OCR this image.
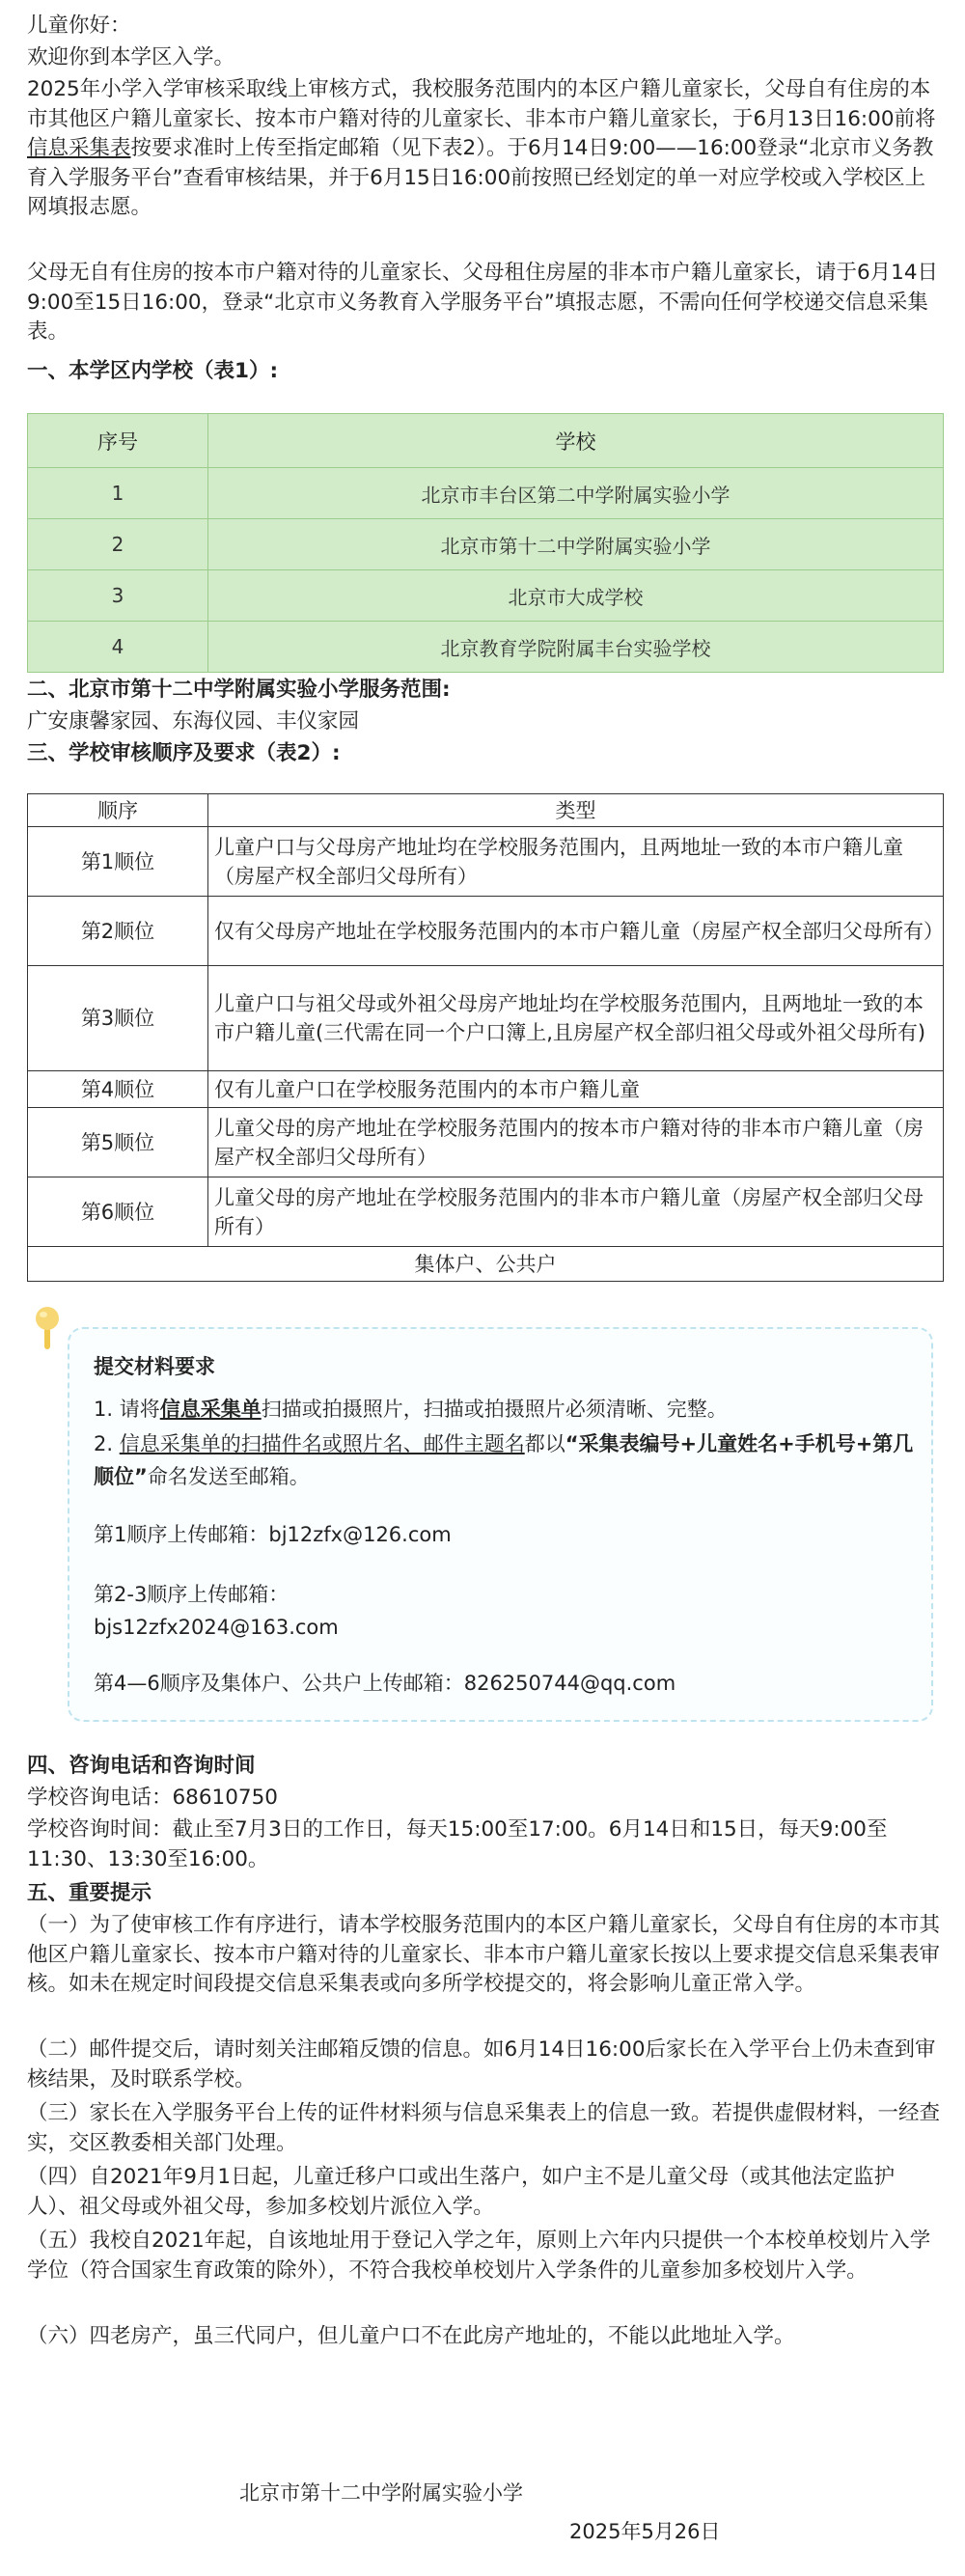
儿童你好：

欢迎你到本学区入学。

2025年小学入学审核采取线上审核方式，我校服务范围内的本区户籍儿童家长，父母自有住房的本市其他区户籍儿童家长、按本市户籍对待的儿童家长、非本市户籍儿童家长，于6月13日16:00前将信息采集表按要求准时上传至指定邮箱（见下表2）。于6月14日9:00——16:00登录“北京市义务教育入学服务平台”查看审核结果，并于6月15日16:00前按照已经划定的单一对应学校或入学校区上网填报志愿。

父母无自有住房的按本市户籍对待的儿童家长、父母租住房屋的非本市户籍儿童家长，请于6月14日9:00至15日16:00，登录“北京市义务教育入学服务平台”填报志愿，不需向任何学校递交信息采集表。

一、本学区内学校（表1）:

序号	学校
1	北京市丰台区第二中学附属实验小学
2	北京市第十二中学附属实验小学
3	北京市大成学校
4	北京教育学院附属丰台实验学校

二、北京市第十二中学附属实验小学服务范围:

广安康馨家园、东海仪园、丰仪家园

三、学校审核顺序及要求（表2）:

顺序	类型
第1顺位	儿童户口与父母房产地址均在学校服务范围内，且两地址一致的本市户籍儿童（房屋产权全部归父母所有）
第2顺位	仅有父母房产地址在学校服务范围内的本市户籍儿童（房屋产权全部归父母所有）
第3顺位	儿童户口与祖父母或外祖父母房产地址均在学校服务范围内，且两地址一致的本市户籍儿童(三代需在同一个户口簿上,且房屋产权全部归祖父母或外祖父母所有)
第4顺位	仅有儿童户口在学校服务范围内的本市户籍儿童
第5顺位	儿童父母的房产地址在学校服务范围内的按本市户籍对待的非本市户籍儿童（房屋产权全部归父母所有）
第6顺位	儿童父母的房产地址在学校服务范围内的非本市户籍儿童（房屋产权全部归父母所有）
集体户、公共户	

提交材料要求

1. 请将信息采集单扫描或拍摄照片，扫描或拍摄照片必须清晰、完整。

2. 信息采集单的扫描件名或照片名、邮件主题名都以“采集表编号+儿童姓名+手机号+第几顺位”命名发送至邮箱。

第1顺序上传邮箱：bj12zfx@126.com

第2-3顺序上传邮箱：

bjs12zfx2024@163.com

第4—6顺序及集体户、公共户上传邮箱：826250744@qq.com

四、咨询电话和咨询时间

学校咨询电话：68610750

学校咨询时间：截止至7月3日的工作日，每天15:00至17:00。6月14日和15日，每天9:00至11:30、13:30至16:00。

五、重要提示

（一）为了使审核工作有序进行，请本学校服务范围内的本区户籍儿童家长，父母自有住房的本市其他区户籍儿童家长、按本市户籍对待的儿童家长、非本市户籍儿童家长按以上要求提交信息采集表审核。如未在规定时间段提交信息采集表或向多所学校提交的，将会影响儿童正常入学。

（二）邮件提交后，请时刻关注邮箱反馈的信息。如6月14日16:00后家长在入学平台上仍未查到审核结果，及时联系学校。

（三）家长在入学服务平台上传的证件材料须与信息采集表上的信息一致。若提供虚假材料，一经查实，交区教委相关部门处理。

（四）自2021年9月1日起，儿童迁移户口或出生落户，如户主不是儿童父母（或其他法定监护人）、祖父母或外祖父母，参加多校划片派位入学。

（五）我校自2021年起，自该地址用于登记入学之年，原则上六年内只提供一个本校单校划片入学学位（符合国家生育政策的除外），不符合我校单校划片入学条件的儿童参加多校划片入学。

（六）四老房产，虽三代同户，但儿童户口不在此房产地址的，不能以此地址入学。

北京市第十二中学附属实验小学

2025年5月26日
